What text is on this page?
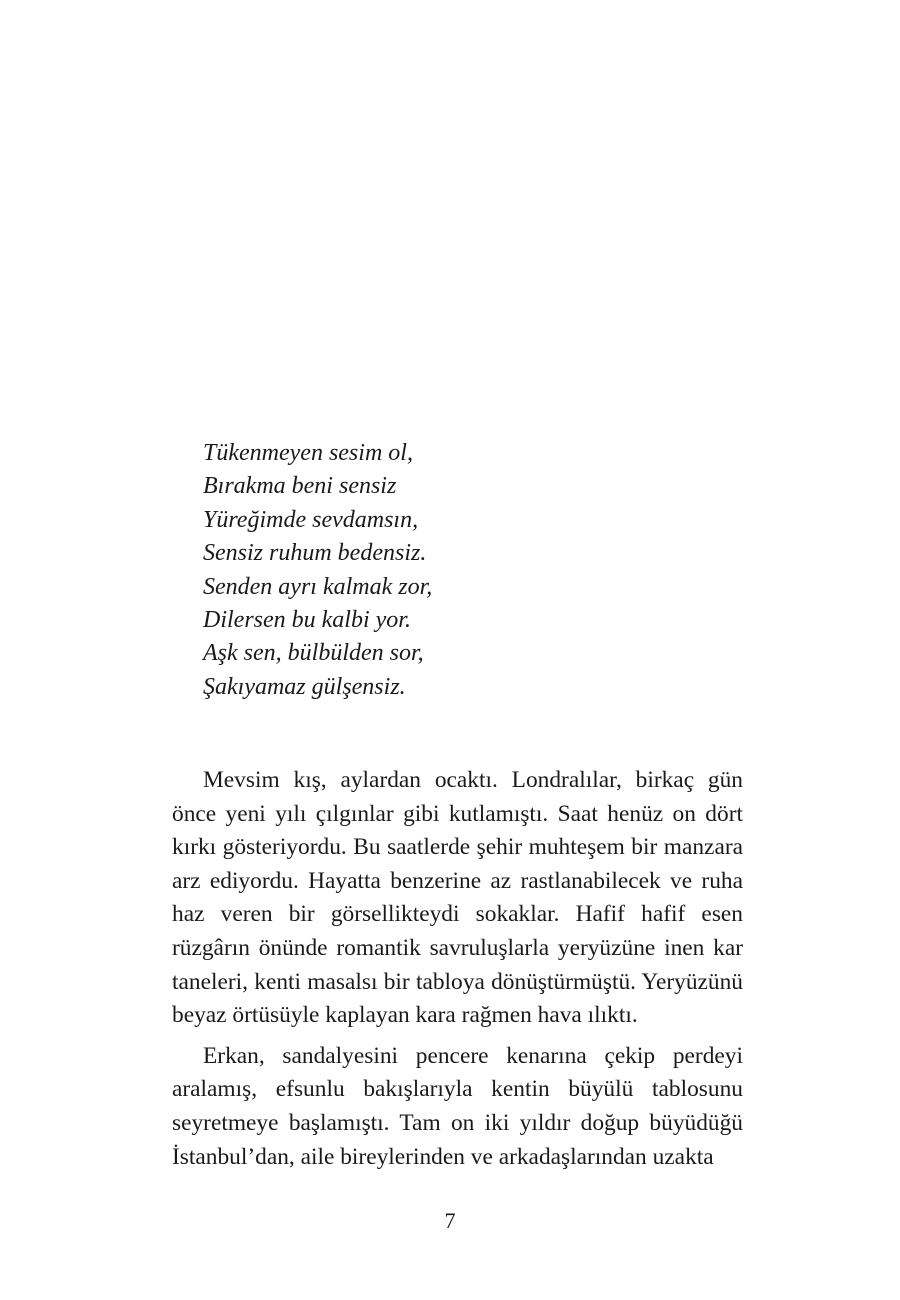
Tükenmeyen sesim ol,
Bırakma beni sensiz
Yüreğimde sevdamsın,
Sensiz ruhum bedensiz.
Senden ayrı kalmak zor,
Dilersen bu kalbi yor.
Aşk sen, bülbülden sor,
Şakıyamaz gülşensiz.

Mevsim kış, aylardan ocaktı. Londralılar, birkaç gün önce yeni yılı çılgınlar gibi kutlamıştı. Saat henüz on dört kırkı gösteriyordu. Bu saatlerde şehir muhteşem bir manzara arz ediyordu. Hayatta benzerine az rastlanabilecek ve ruha haz veren bir görsellikteydi sokaklar. Hafif hafif esen rüzgârın önünde romantik savruluşlarla yeryüzüne inen kar taneleri, kenti masalsı bir tabloya dönüştürmüştü. Yeryüzünü beyaz örtüsüyle kaplayan kara rağmen hava ılıktı.

Erkan, sandalyesini pencere kenarına çekip perdeyi aralamış, efsunlu bakışlarıyla kentin büyülü tablosunu seyretmeye başlamıştı. Tam on iki yıldır doğup büyüdüğü İstanbul’dan, aile bireylerinden ve arkadaşlarından uzakta

7
